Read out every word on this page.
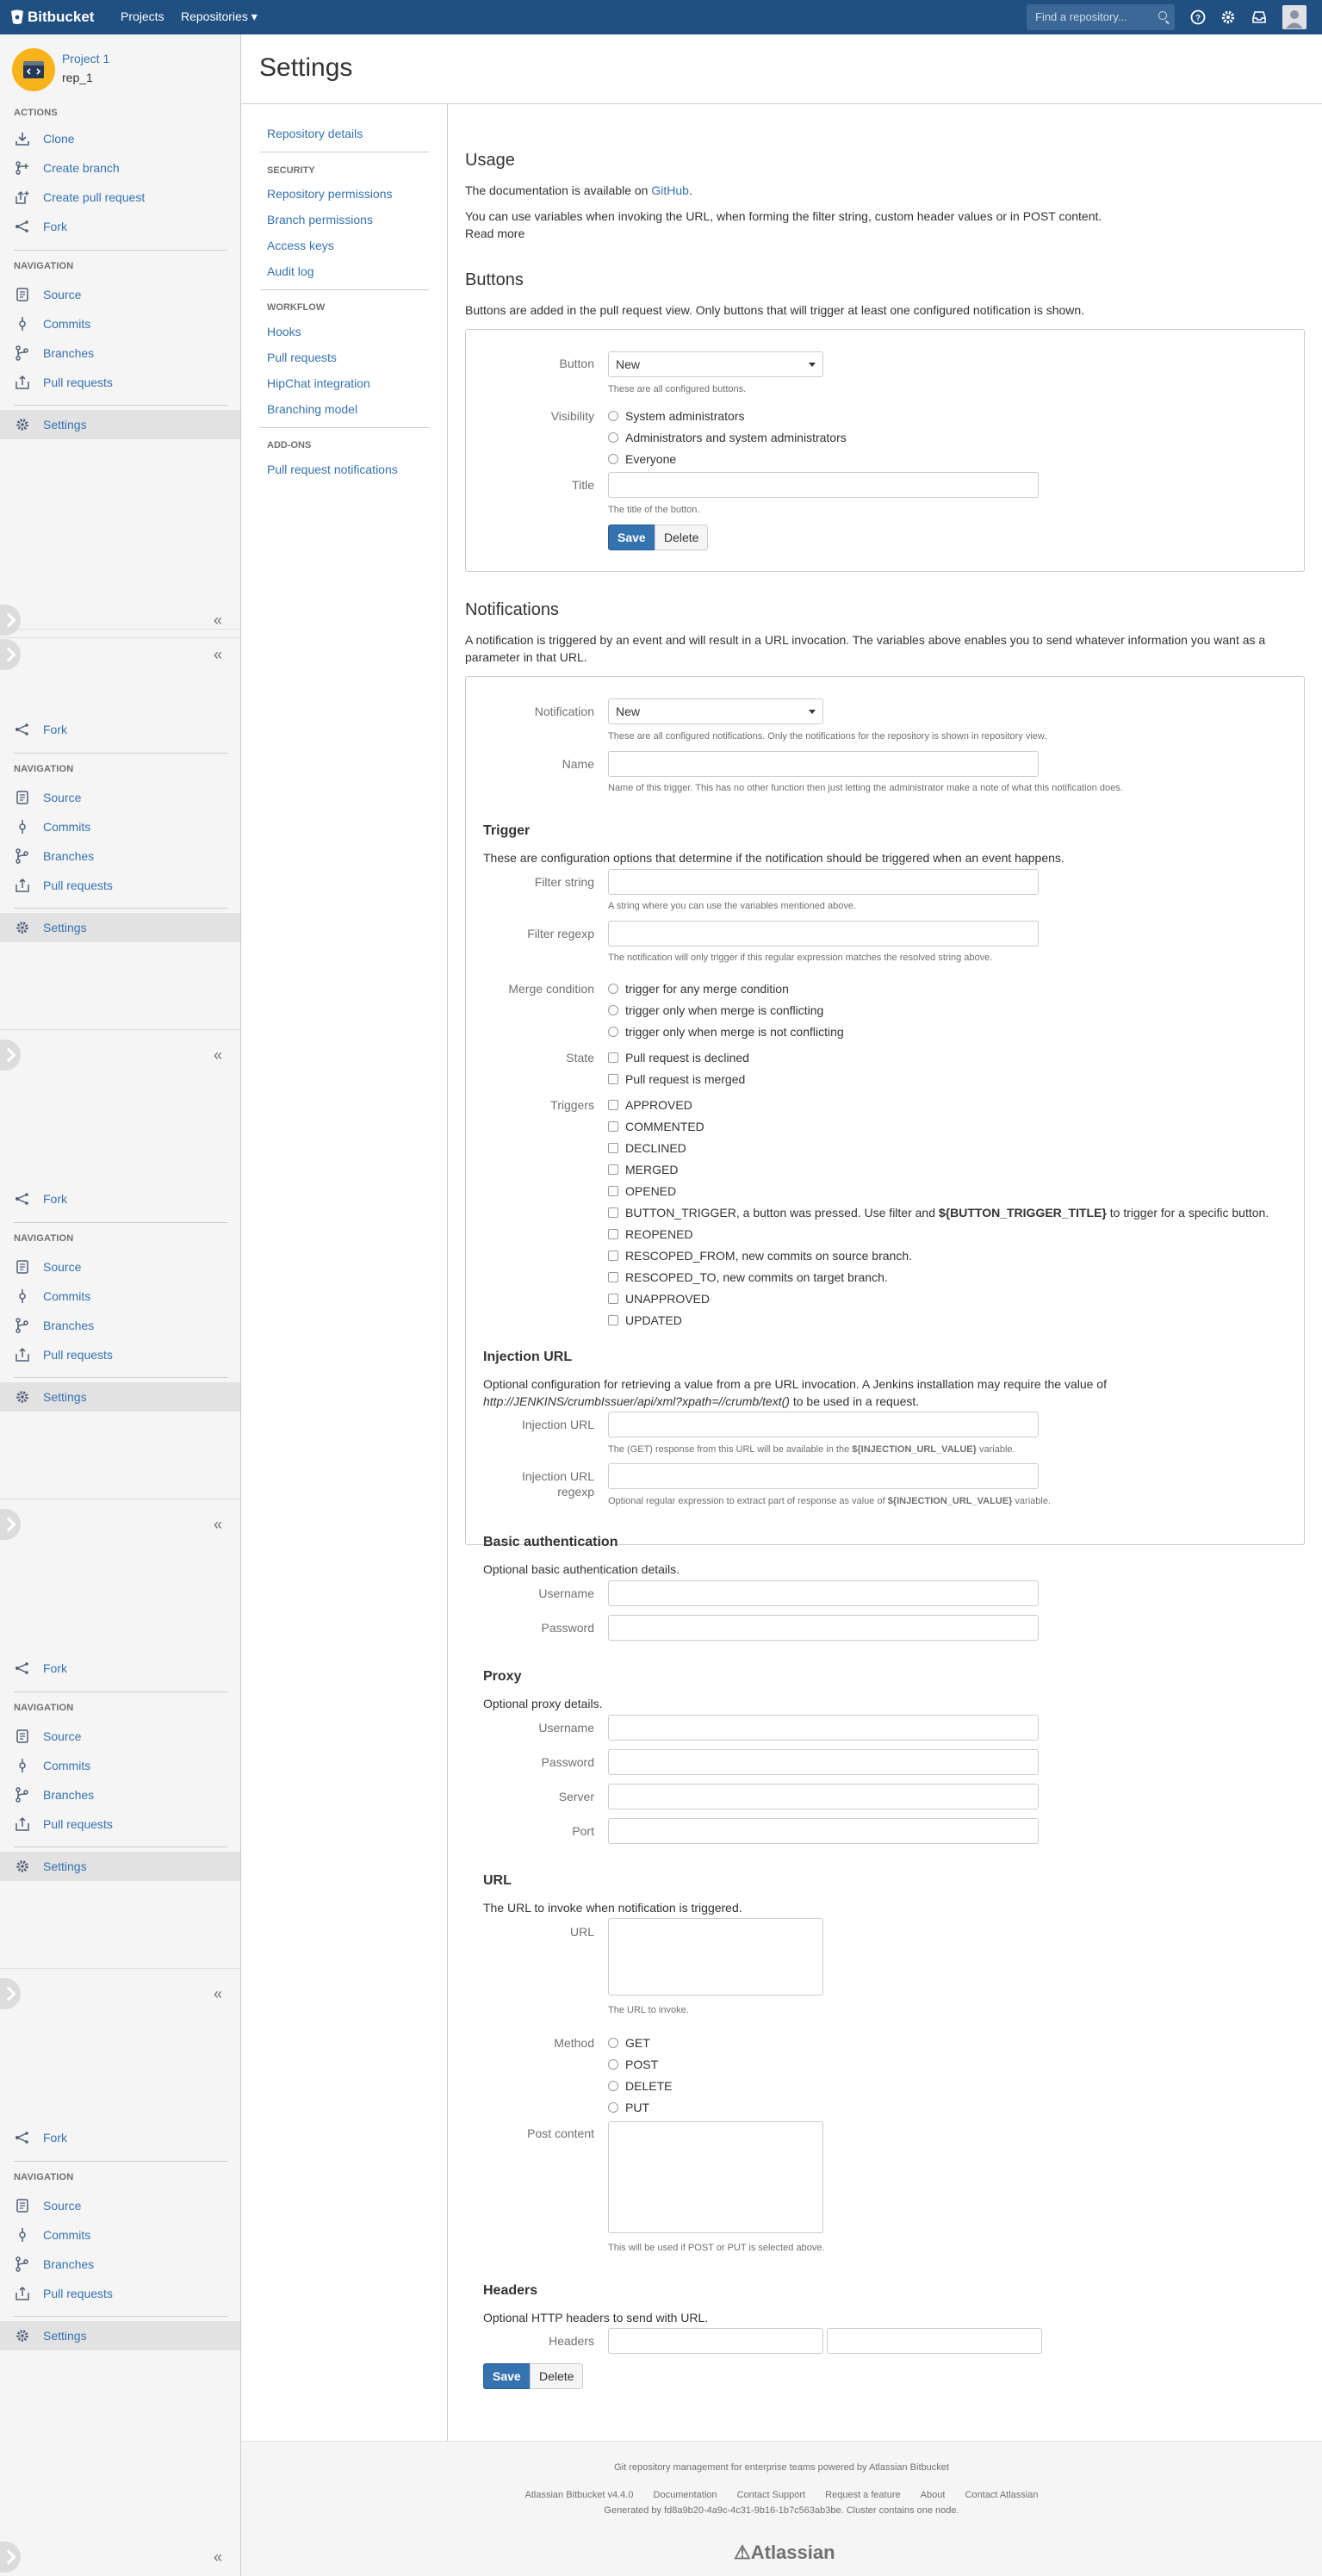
Bitbucket Projects Repositories ▾	Find a repository...	?
Project 1
rep_1
ACTIONS
Clone
Create branch
Create pull request
Fork
NAVIGATION
Source
Commits
Branches
Pull requests
Settings
«
«
«
«
Fork
NAVIGATION
Source
Commits
Branches
Pull requests
Settings
Fork
NAVIGATION
Source
Commits
Branches
Pull requests
Settings
Fork
NAVIGATION
Source
Commits
Branches
Pull requests
Settings
Fork
NAVIGATION
Source
Commits
Branches
Pull requests
Settings
«
«
Settings
Repository details
SECURITY
Repository permissions
Branch permissions
Access keys
Audit log
WORKFLOW
Hooks
Pull requests
HipChat integration
Branching model
ADD-ONS
Pull request notifications
Usage
The documentation is available on GitHub.
You can use variables when invoking the URL, when forming the filter string, custom header values or in POST content.
Read more
Buttons
Buttons are added in the pull request view. Only buttons that will trigger at least one configured notification is shown.
Button	New
These are all configured buttons.
Visibility	System administrators
Administrators and system administrators
Everyone
Title
The title of the button.
Save	Delete
Notifications
A notification is triggered by an event and will result in a URL invocation. The variables above enables you to send whatever information you want as a parameter in that URL.
Notification	New
These are all configured notifications. Only the notifications for the repository is shown in repository view.
Name
Name of this trigger. This has no other function then just letting the administrator make a note of what this notification does.
Trigger
These are configuration options that determine if the notification should be triggered when an event happens.
Filter string
A string where you can use the variables mentioned above.
Filter regexp
The notification will only trigger if this regular expression matches the resolved string above.
Merge condition	trigger for any merge condition
trigger only when merge is conflicting
trigger only when merge is not conflicting
State	Pull request is declined
Pull request is merged
Triggers	APPROVED
COMMENTED
DECLINED
MERGED
OPENED
BUTTON_TRIGGER, a button was pressed. Use filter and ${BUTTON_TRIGGER_TITLE} to trigger for a specific button.
REOPENED
RESCOPED_FROM, new commits on source branch.
RESCOPED_TO, new commits on target branch.
UNAPPROVED
UPDATED
Injection URL
Optional configuration for retrieving a value from a pre URL invocation. A Jenkins installation may require the value of
http://JENKINS/crumbIssuer/api/xml?xpath=//crumb/text() to be used in a request.
Injection URL
The (GET) response from this URL will be available in the ${INJECTION_URL_VALUE} variable.
Injection URL
regexp
Optional regular expression to extract part of response as value of ${INJECTION_URL_VALUE} variable.
Basic authentication
Optional basic authentication details.
Username
Password
Proxy
Optional proxy details.
Username
Password
Server
Port
URL
The URL to invoke when notification is triggered.
URL
The URL to invoke.
Method	GET
POST
DELETE
PUT
Post content
This will be used if POST or PUT is selected above.
Headers
Optional HTTP headers to send with URL.
Headers
Save	Delete
Git repository management for enterprise teams powered by Atlassian Bitbucket
Atlassian Bitbucket v4.4.0 Documentation Contact Support Request a feature About Contact Atlassian
Generated by fd8a9b20-4a9c-4c31-9b16-1b7c563ab3be. Cluster contains one node.
⚠Atlassian
